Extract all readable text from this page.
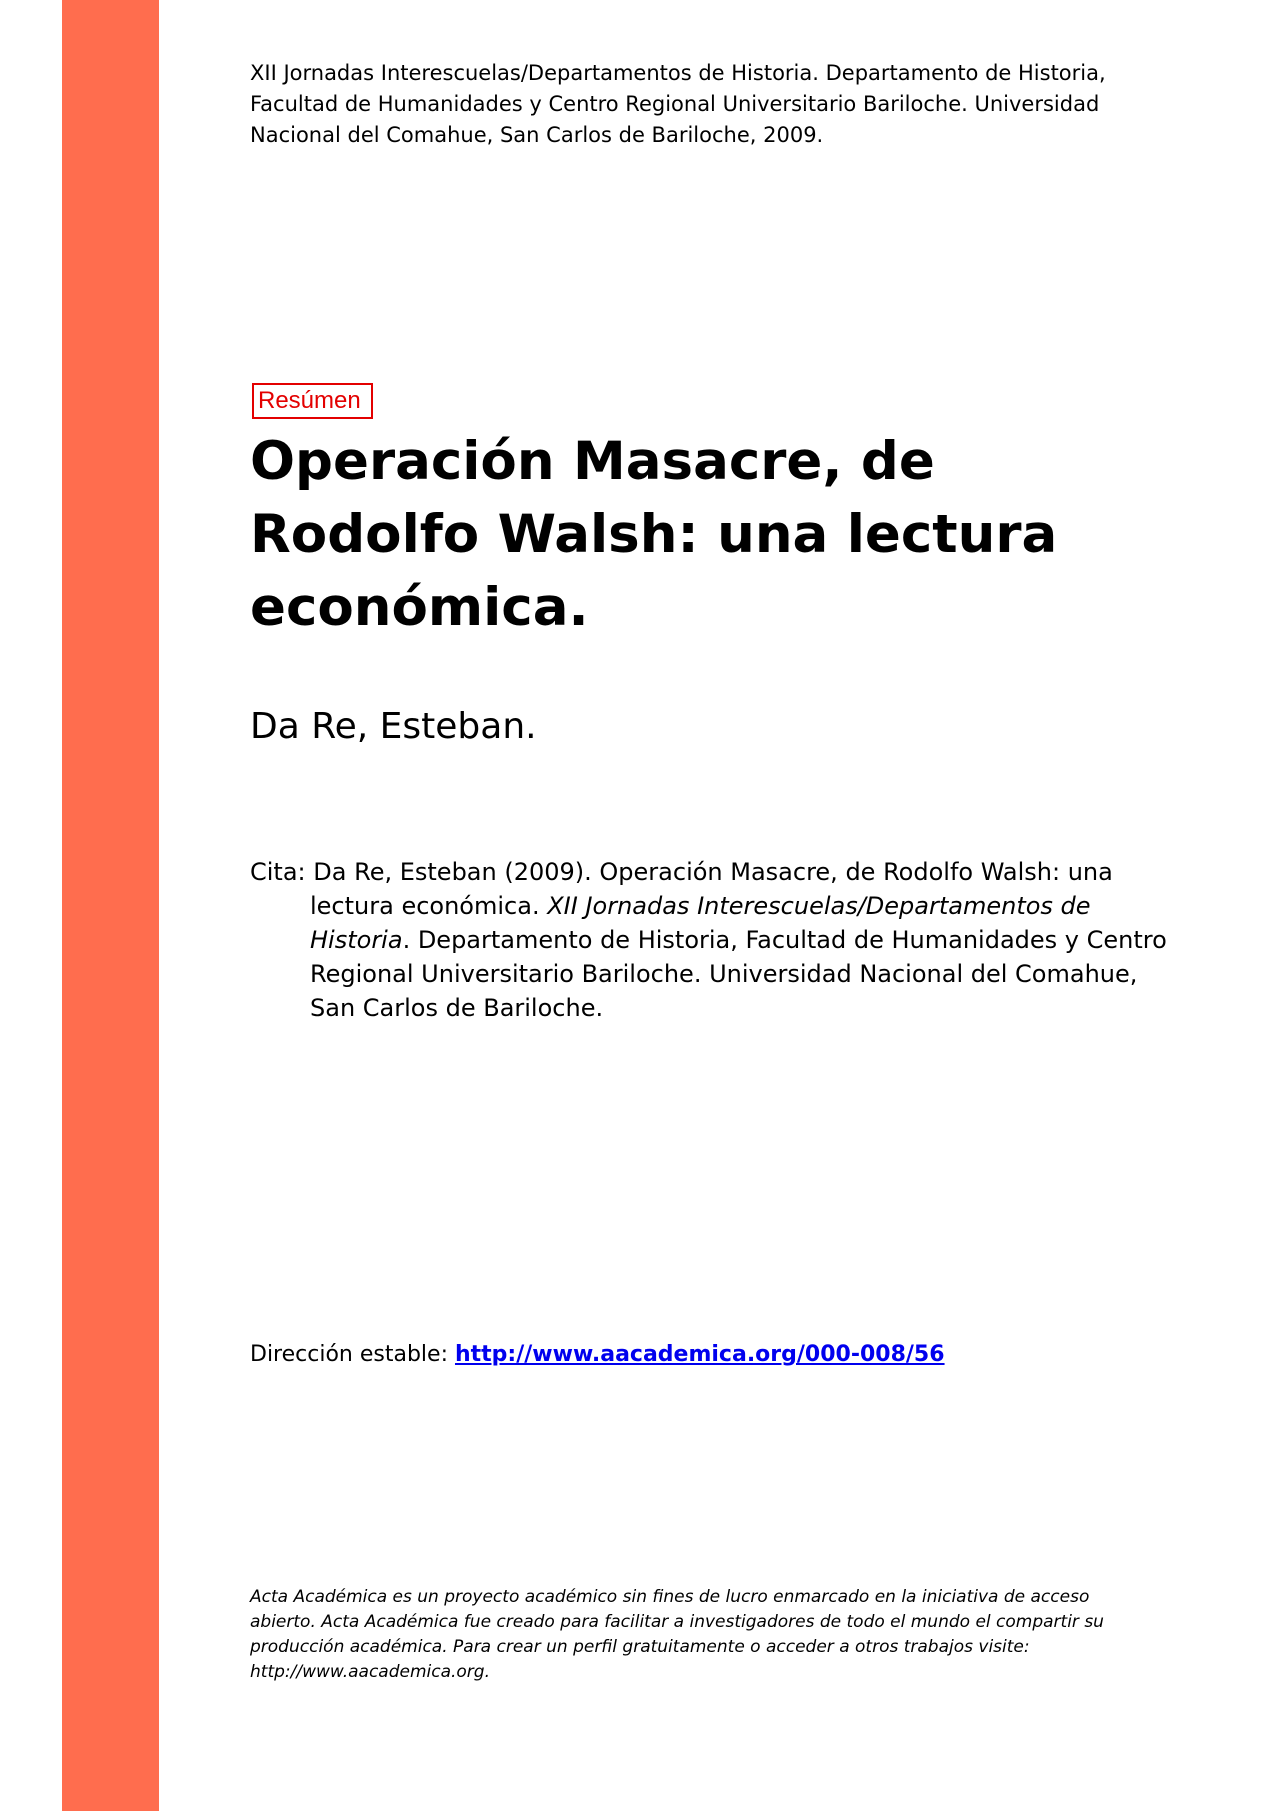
XII Jornadas Interescuelas/Departamentos de Historia. Departamento de Historia, Facultad de Humanidades y Centro Regional Universitario Bariloche. Universidad Nacional del Comahue, San Carlos de Bariloche, 2009.
Resúmen
Operación Masacre, de Rodolfo Walsh: una lectura económica.
Da Re, Esteban.
Cita: Da Re, Esteban (2009). Operación Masacre, de Rodolfo Walsh: una lectura económica. XII Jornadas Interescuelas/Departamentos de Historia. Departamento de Historia, Facultad de Humanidades y Centro Regional Universitario Bariloche. Universidad Nacional del Comahue, San Carlos de Bariloche.
Dirección estable: http://www.aacademica.org/000-008/56
Acta Académica es un proyecto académico sin fines de lucro enmarcado en la iniciativa de acceso abierto. Acta Académica fue creado para facilitar a investigadores de todo el mundo el compartir su producción académica. Para crear un perfil gratuitamente o acceder a otros trabajos visite: http://www.aacademica.org.
